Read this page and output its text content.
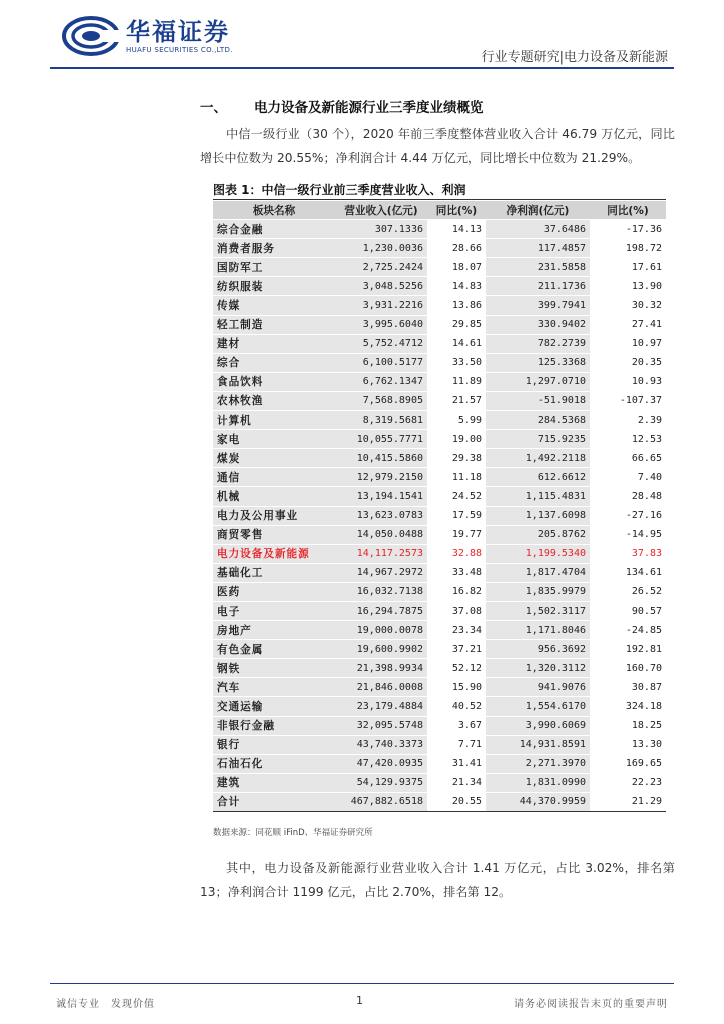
华福证券
HUAFU SECURITIES CO.,LTD.	行业专题研究|电力设备及新能源
一、 电力设备及新能源行业三季度业绩概览
中信一级行业（30 个），2020 年前三季度整体营业收入合计 46.79 万亿元，同比增长中位数为 20.55%；净利润合计 4.44 万亿元，同比增长中位数为 21.29%。
图表 1：中信一级行业前三季度营业收入、利润
板块名称	营业收入(亿元)	同比(%)	净利润(亿元)	同比(%)
综合金融	307.1336	14.13	37.6486	-17.36
消费者服务	1,230.0036	28.66	117.4857	198.72
国防军工	2,725.2424	18.07	231.5858	17.61
纺织服装	3,048.5256	14.83	211.1736	13.90
传媒	3,931.2216	13.86	399.7941	30.32
轻工制造	3,995.6040	29.85	330.9402	27.41
建材	5,752.4712	14.61	782.2739	10.97
综合	6,100.5177	33.50	125.3368	20.35
食品饮料	6,762.1347	11.89	1,297.0710	10.93
农林牧渔	7,568.8905	21.57	-51.9018	-107.37
计算机	8,319.5681	5.99	284.5368	2.39
家电	10,055.7771	19.00	715.9235	12.53
煤炭	10,415.5860	29.38	1,492.2118	66.65
通信	12,979.2150	11.18	612.6612	7.40
机械	13,194.1541	24.52	1,115.4831	28.48
电力及公用事业	13,623.0783	17.59	1,137.6098	-27.16
商贸零售	14,050.0488	19.77	205.8762	-14.95
电力设备及新能源	14,117.2573	32.88	1,199.5340	37.83
基础化工	14,967.2972	33.48	1,817.4704	134.61
医药	16,032.7138	16.82	1,835.9979	26.52
电子	16,294.7875	37.08	1,502.3117	90.57
房地产	19,000.0078	23.34	1,171.8046	-24.85
有色金属	19,600.9902	37.21	956.3692	192.81
钢铁	21,398.9934	52.12	1,320.3112	160.70
汽车	21,846.0008	15.90	941.9076	30.87
交通运输	23,179.4884	40.52	1,554.6170	324.18
非银行金融	32,095.5748	3.67	3,990.6069	18.25
银行	43,740.3373	7.71	14,931.8591	13.30
石油石化	47,420.0935	31.41	2,271.3970	169.65
建筑	54,129.9375	21.34	1,831.0990	22.23
合计	467,882.6518	20.55	44,370.9959	21.29
数据来源：同花顺 iFinD、华福证券研究所
其中，电力设备及新能源行业营业收入合计 1.41 万亿元，占比 3.02%，排名第 13；净利润合计 1199 亿元，占比 2.70%，排名第 12。
诚信专业　发现价值	1	请务必阅读报告末页的重要声明
